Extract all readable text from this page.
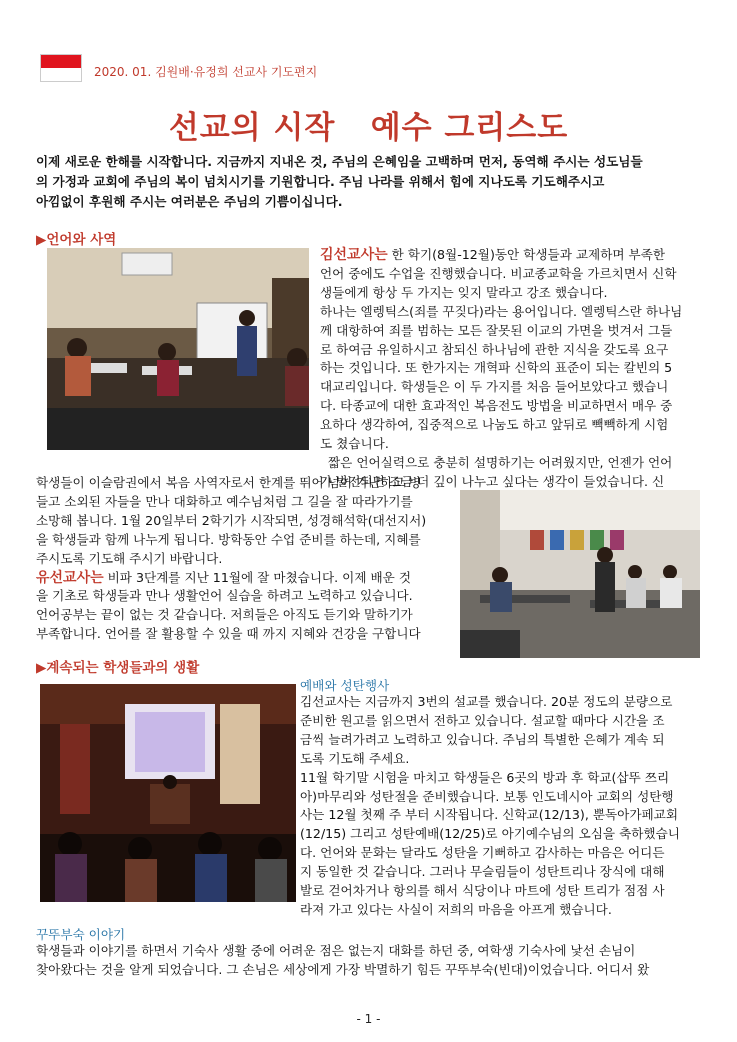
2020. 01. 김원배·유정희 선교사 기도편지
선교의 시작   예수 그리스도

이제 새로운 한해를 시작합니다. 지금까지 지내온 것, 주님의 은혜임을 고백하며 먼저, 동역해 주시는 성도님들

의 가정과 교회에 주님의 복이 넘치시기를 기원합니다. 주님 나라를 위해서 힘에 지나도록 기도해주시고

아낌없이 후원해 주시는 여러분은 주님의 기쁨이십니다.

▶언어와 사역

김선교사는 한 학기(8월-12월)동안 학생들과 교제하며 부족한

언어 중에도 수업을 진행했습니다. 비교종교학을 가르치면서 신학

생들에게 항상 두 가지는 잊지 말라고 강조 했습니다.

하나는 엘렝틱스(죄를 꾸짖다)라는 용어입니다. 엘렝틱스란 하나님

께 대항하여 죄를 범하는 모든 잘못된 이교의 가면을 벗겨서 그들

로 하여금 유일하시고 참되신 하나님에 관한 지식을 갖도록 요구

하는 것입니다. 또 한가지는 개혁파 신학의 표준이 되는 칼빈의 5

대교리입니다. 학생들은 이 두 가지를 처음 들어보았다고 했습니

다. 타종교에 대한 효과적인 복음전도 방법을 비교하면서 매우 중

요하다 생각하여, 집중적으로 나눔도 하고 앞뒤로 빽빽하게 시험

도 쳤습니다.

짧은 언어실력으로 충분히 설명하기는 어려웠지만, 언젠가 언어

가 발전되면 조금 더 깊이 나누고 싶다는 생각이 들었습니다. 신

학생들이 이슬람권에서 복음 사역자로서 한계를 뛰어 넘어 가난하고 병

들고 소외된 자들을 만나 대화하고 예수님처럼 그 길을 잘 따라가기를

소망해 봅니다. 1월 20일부터 2학기가 시작되면, 성경해석학(대선지서)

을 학생들과 함께 나누게 됩니다. 방학동안 수업 준비를 하는데, 지혜를

주시도록 기도해 주시기 바랍니다.

유선교사는 비파 3단계를 지난 11월에 잘 마쳤습니다. 이제 배운 것

을 기초로 학생들과 만나 생활언어 실습을 하려고 노력하고 있습니다.

언어공부는 끝이 없는 것 같습니다. 저희들은 아직도 듣기와 말하기가

부족합니다. 언어를 잘 활용할 수 있을 때 까지 지혜와 건강을 구합니다

▶계속되는 학생들과의 생활
예배와 성탄행사

김선교사는 지금까지 3번의 설교를 했습니다. 20분 정도의 분량으로

준비한 원고를 읽으면서 전하고 있습니다. 설교할 때마다 시간을 조

금씩 늘려가려고 노력하고 있습니다. 주님의 특별한 은혜가 계속 되

도록 기도해 주세요.

11월 학기말 시험을 마치고 학생들은 6곳의 방과 후 학교(삽뚜 쯔리

아)마무리와 성탄절을 준비했습니다. 보통 인도네시아 교회의 성탄행

사는 12월 첫째 주 부터 시작됩니다. 신학교(12/13), 뿐독아가페교회

(12/15) 그리고 성탄예배(12/25)로 아기예수님의 오심을 축하했습니

다. 언어와 문화는 달라도 성탄을 기뻐하고 감사하는 마음은 어디든

지 동일한 것 같습니다. 그러나 무슬림들이 성탄트리나 장식에 대해

발로 걷어차거나 항의를 해서 식당이나 마트에 성탄 트리가 점점 사

라져 가고 있다는 사실이 저희의 마음을 아프게 했습니다.

꾸뚜부숙 이야기

학생들과 이야기를 하면서 기숙사 생활 중에 어려운 점은 없는지 대화를 하던 중, 여학생 기숙사에 낯선 손님이

찾아왔다는 것을 알게 되었습니다. 그 손님은 세상에게 가장 박멸하기 힘든 꾸뚜부숙(빈대)이었습니다. 어디서 왔

- 1 -
